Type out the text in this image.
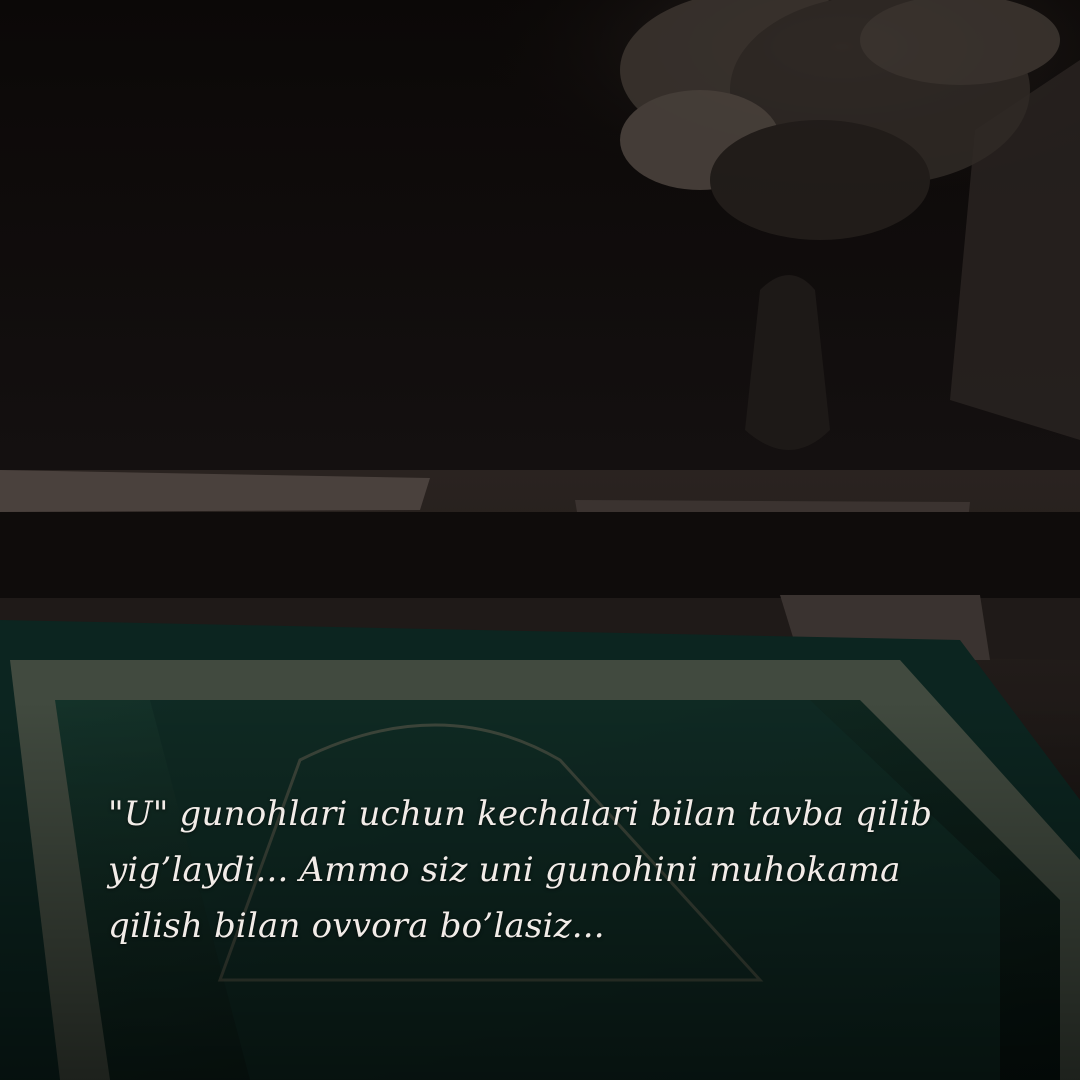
"U" gunohlari uchun kechalari bilan tavba qilib
yig’laydi... Ammo siz uni gunohini muhokama
qilish bilan ovvora bo’lasiz...
